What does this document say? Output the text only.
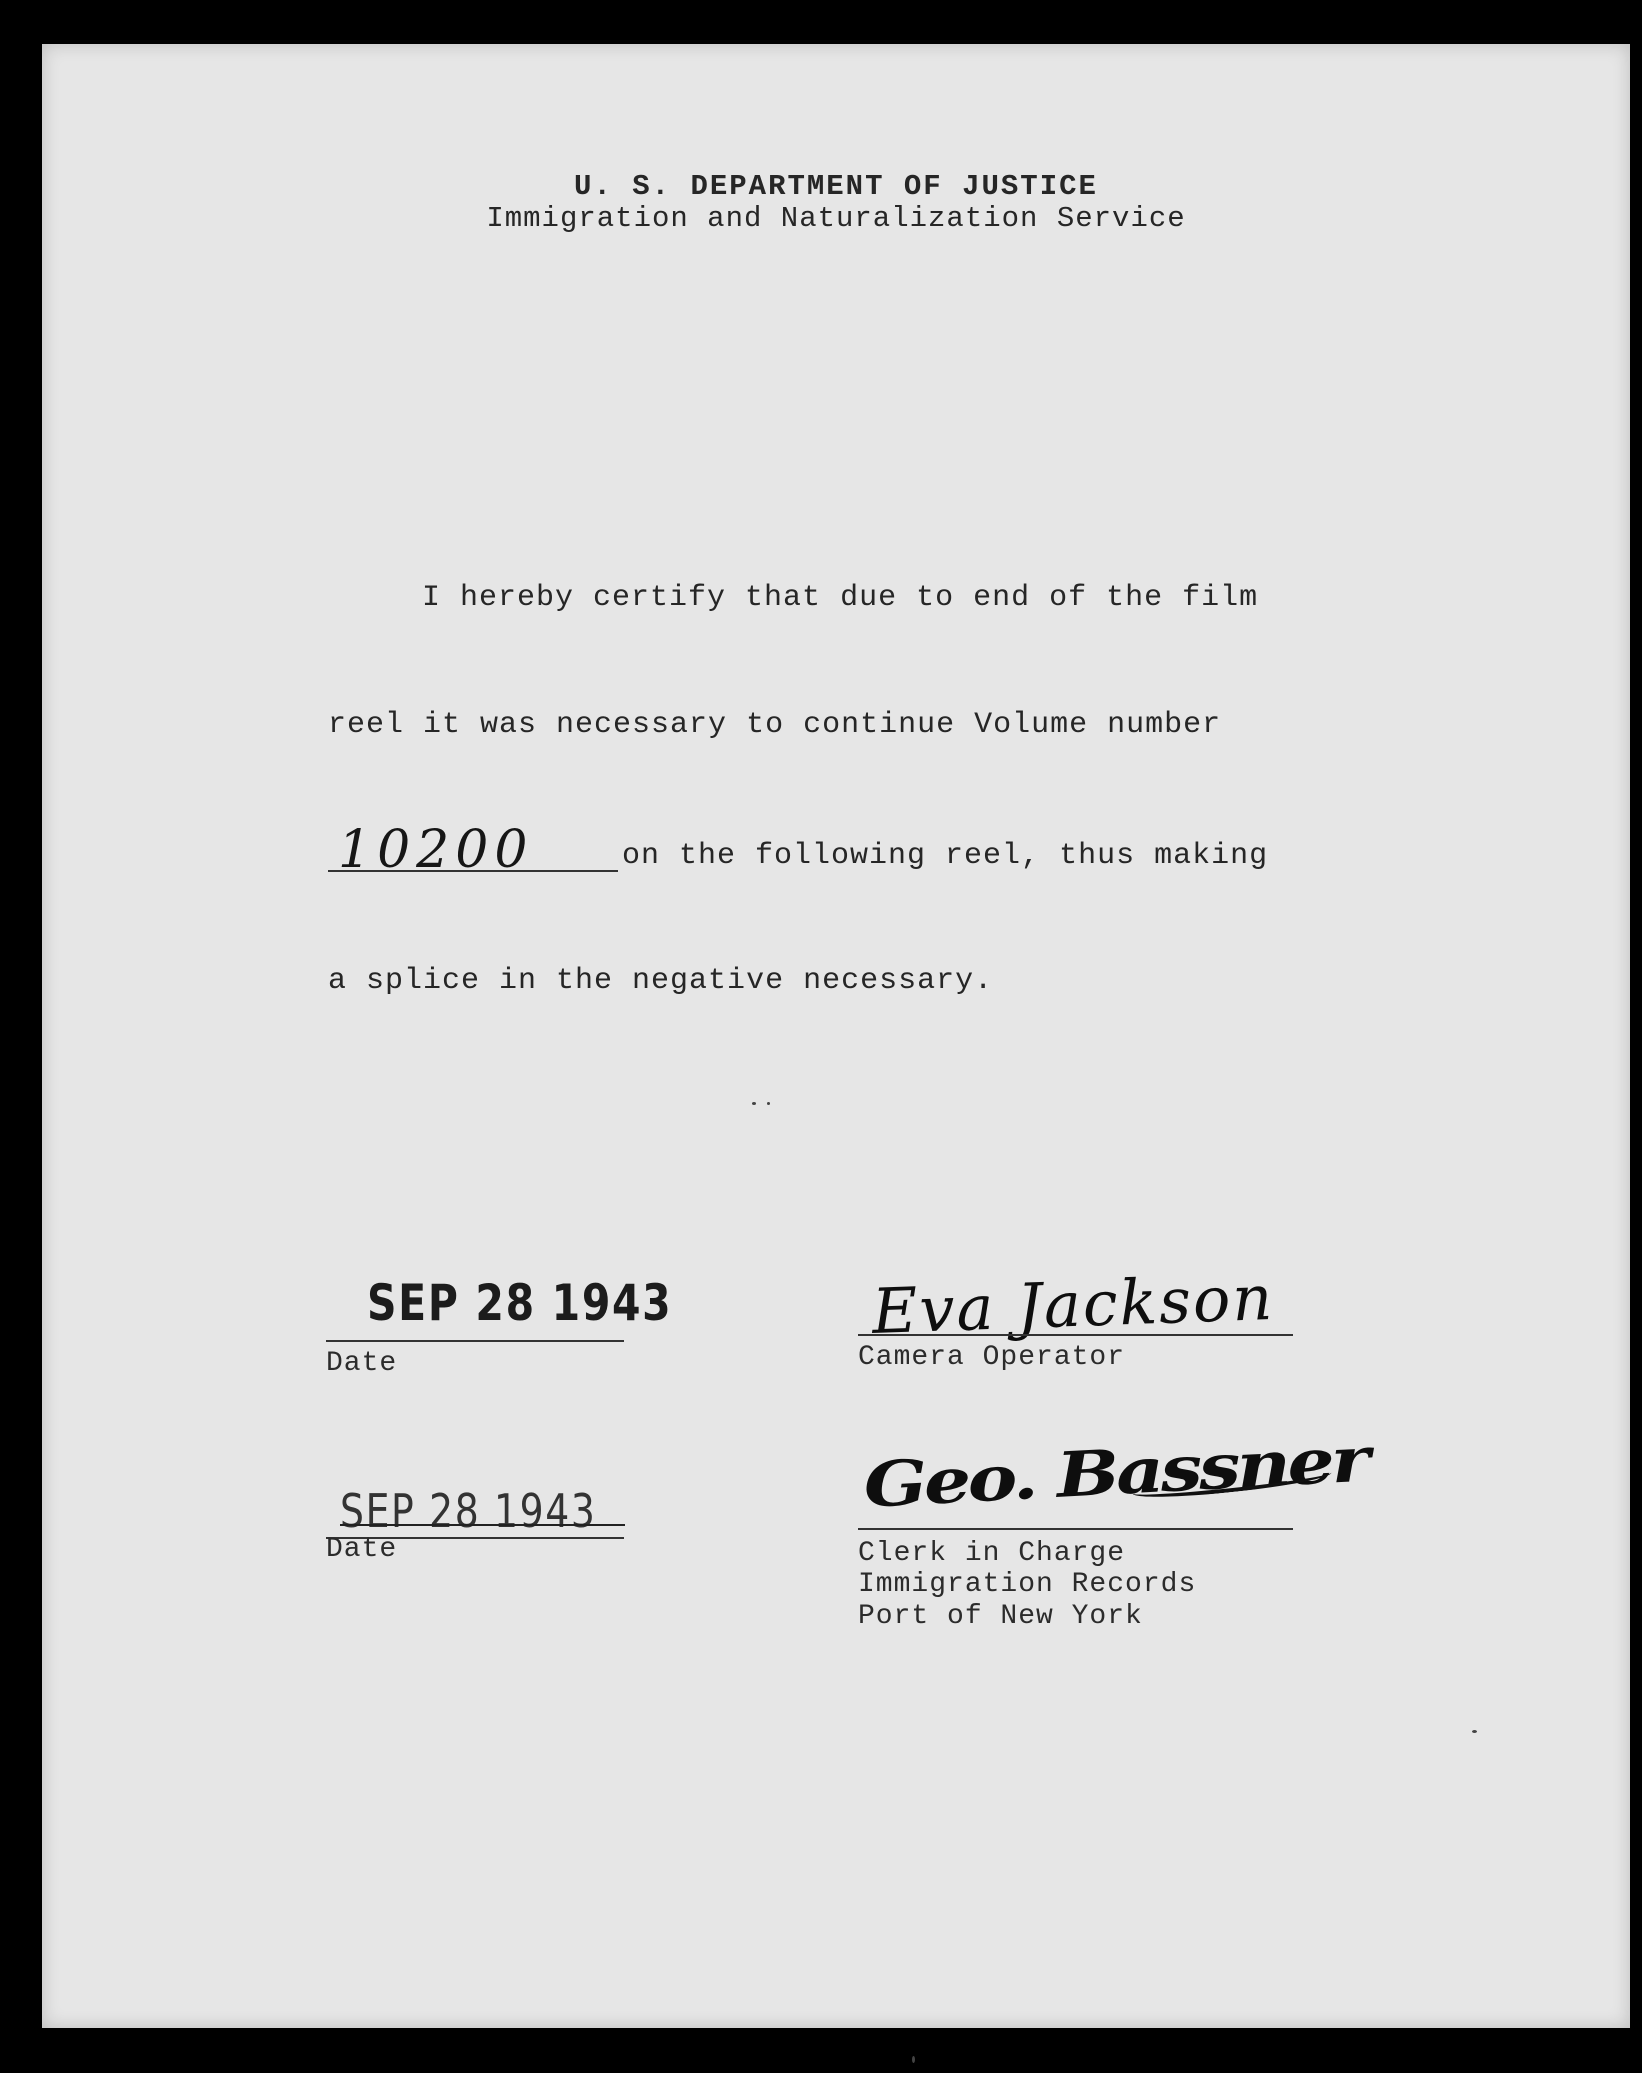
U. S. DEPARTMENT OF JUSTICE
Immigration and Naturalization Service
I hereby certify that due to end of the film
reel it was necessary to continue Volume number
10200	on the following reel, thus making
a splice in the negative necessary.
SEP 28 1943
Date
Eva Jackson
Camera Operator
SEP 28 1943
Date
Geo. Bassner
Clerk in Charge
Immigration Records
Port of New York
